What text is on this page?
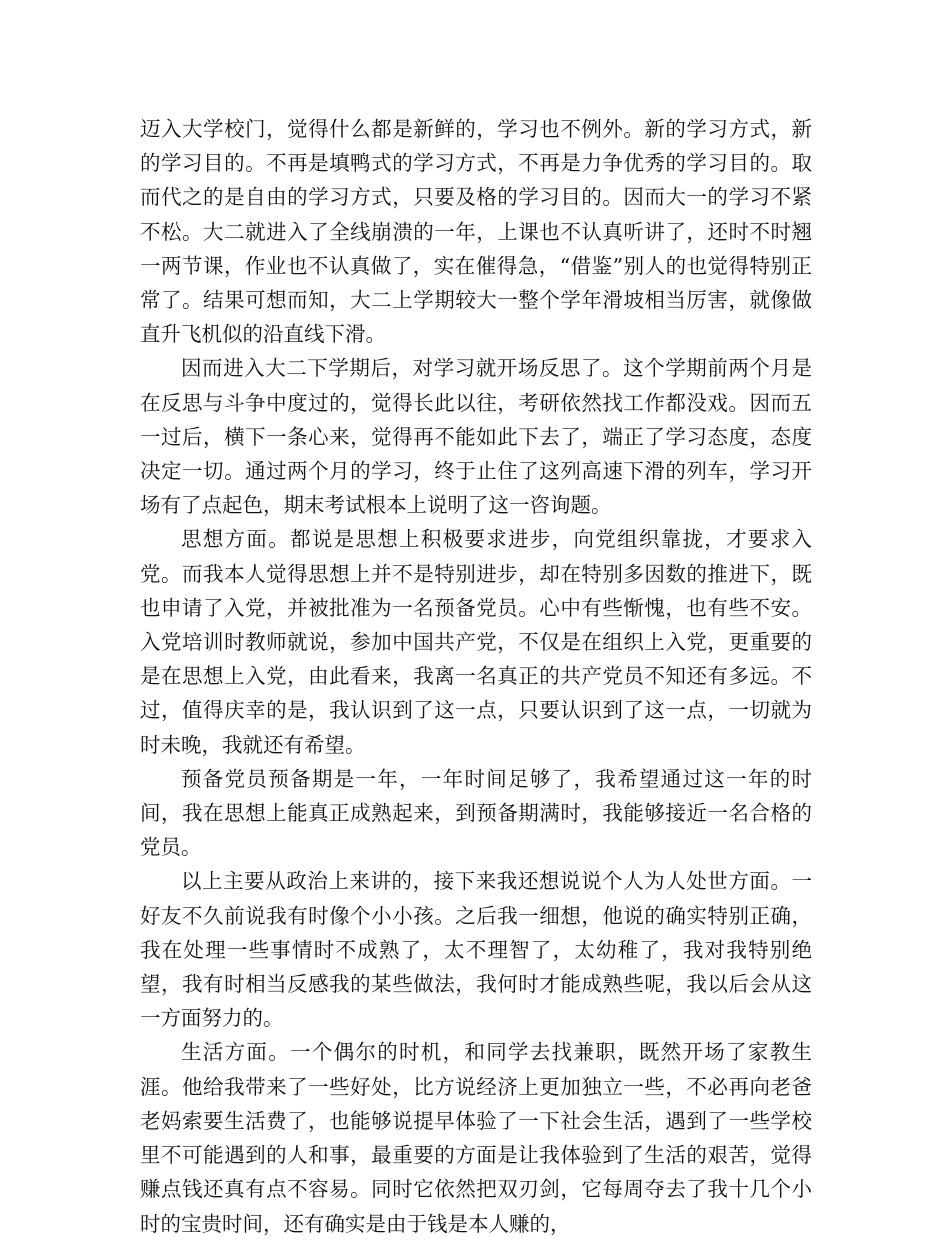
迈入大学校门，觉得什么都是新鲜的，学习也不例外。新的学习方式，新的学习目的。不再是填鸭式的学习方式，不再是力争优秀的学习目的。取而代之的是自由的学习方式，只要及格的学习目的。因而大一的学习不紧不松。大二就进入了全线崩溃的一年，上课也不认真听讲了，还时不时翘一两节课，作业也不认真做了，实在催得急，“借鉴”别人的也觉得特别正常了。结果可想而知，大二上学期较大一整个学年滑坡相当厉害，就像做直升飞机似的沿直线下滑。

因而进入大二下学期后，对学习就开场反思了。这个学期前两个月是在反思与斗争中度过的，觉得长此以往，考研依然找工作都没戏。因而五一过后，横下一条心来，觉得再不能如此下去了，端正了学习态度，态度决定一切。通过两个月的学习，终于止住了这列高速下滑的列车，学习开场有了点起色，期末考试根本上说明了这一咨询题。

思想方面。都说是思想上积极要求进步，向党组织靠拢，才要求入党。而我本人觉得思想上并不是特别进步，却在特别多因数的推进下，既也申请了入党，并被批准为一名预备党员。心中有些惭愧，也有些不安。入党培训时教师就说，参加中国共产党，不仅是在组织上入党，更重要的是在思想上入党，由此看来，我离一名真正的共产党员不知还有多远。不过，值得庆幸的是，我认识到了这一点，只要认识到了这一点，一切就为时未晚，我就还有希望。

预备党员预备期是一年，一年时间足够了，我希望通过这一年的时间，我在思想上能真正成熟起来，到预备期满时，我能够接近一名合格的党员。

以上主要从政治上来讲的，接下来我还想说说个人为人处世方面。一好友不久前说我有时像个小小孩。之后我一细想，他说的确实特别正确，我在处理一些事情时不成熟了，太不理智了，太幼稚了，我对我特别绝望，我有时相当反感我的某些做法，我何时才能成熟些呢，我以后会从这一方面努力的。

生活方面。一个偶尔的时机，和同学去找兼职，既然开场了家教生涯。他给我带来了一些好处，比方说经济上更加独立一些，不必再向老爸老妈索要生活费了，也能够说提早体验了一下社会生活，遇到了一些学校里不可能遇到的人和事，最重要的方面是让我体验到了生活的艰苦，觉得赚点钱还真有点不容易。同时它依然把双刃剑，它每周夺去了我十几个小时的宝贵时间，还有确实是由于钱是本人赚的，
